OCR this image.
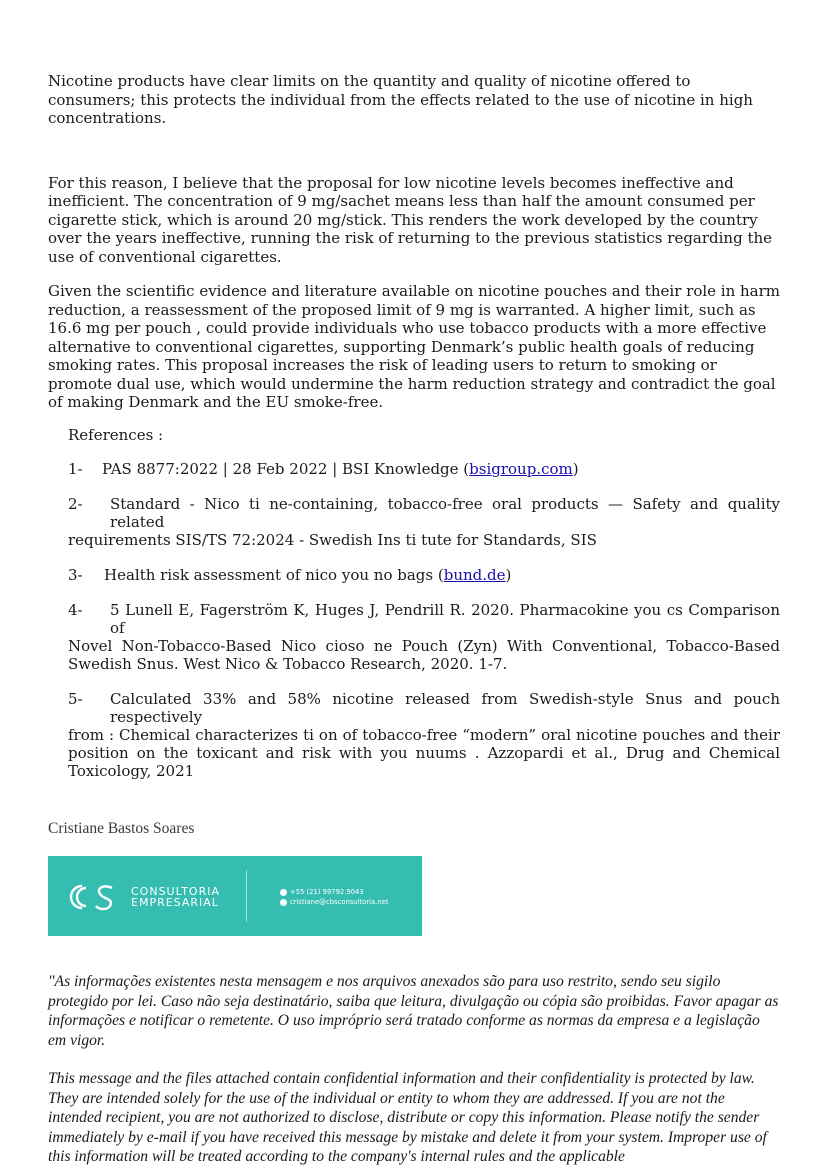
Nicotine products have clear limits on the quantity and quality of nicotine offered to consumers; this protects the individual from the effects related to the use of nicotine in high concentrations.

For this reason, I believe that the proposal for low nicotine levels becomes ineffective and inefficient. The concentration of 9 mg/sachet means less than half the amount consumed per cigarette stick, which is around 20 mg/stick. This renders the work developed by the country over the years ineffective, running the risk of returning to the previous statistics regarding the use of conventional cigarettes.

Given the scientific evidence and literature available on nicotine pouches and their role in harm reduction, a reassessment of the proposed limit of 9 mg is warranted. A higher limit, such as 16.6 mg per pouch , could provide individuals who use tobacco products with a more effective alternative to conventional cigarettes, supporting Denmark’s public health goals of reducing smoking rates. This proposal increases the risk of leading users to return to smoking or promote dual use, which would undermine the harm reduction strategy and contradict the goal of making Denmark and the EU smoke-free.

References :

1-	PAS 8877:2022 | 28 Feb 2022 | BSI Knowledge (bsigroup.com)
2-	Standard - Nico ti ne-containing, tobacco-free oral products — Safety and quality related
requirements SIS/TS 72:2024 - Swedish Ins ti tute for Standards, SIS
3-	Health risk assessment of nico you no bags (bund.de)
4-	5 Lunell E, Fagerström K, Huges J, Pendrill R. 2020. Pharmacokine you cs Comparison of
Novel Non-Tobacco-Based Nico cioso ne Pouch (Zyn) With Conventional, Tobacco-Based
Swedish Snus. West Nico & Tobacco Research, 2020. 1-7.
5-	Calculated 33% and 58% nicotine released from Swedish-style Snus and pouch respectively
from : Chemical characterizes ti on of tobacco-free “modern” oral nicotine pouches and their
position on the toxicant and risk with you nuums . Azzopardi et al., Drug and Chemical
Toxicology, 2021
Cristiane Bastos Soares
CONSULTORIA
EMPRESARIAL
+55 (21) 99792.9043
cristiane@cbsconsultoria.net

"As informações existentes nesta mensagem e nos arquivos anexados são para uso restrito, sendo seu sigilo protegido por lei. Caso não seja destinatário, saiba que leitura, divulgação ou cópia são proibidas. Favor apagar as informações e notificar o remetente. O uso impróprio será tratado conforme as normas da empresa e a legislação em vigor.

This message and the files attached contain confidential information and their confidentiality is protected by law. They are intended solely for the use of the individual or entity to whom they are addressed. If you are not the intended recipient, you are not authorized to disclose, distribute or copy this information. Please notify the sender immediately by e-mail if you have received this message by mistake and delete it from your system. Improper use of this information will be treated according to the company's internal rules and the applicable
